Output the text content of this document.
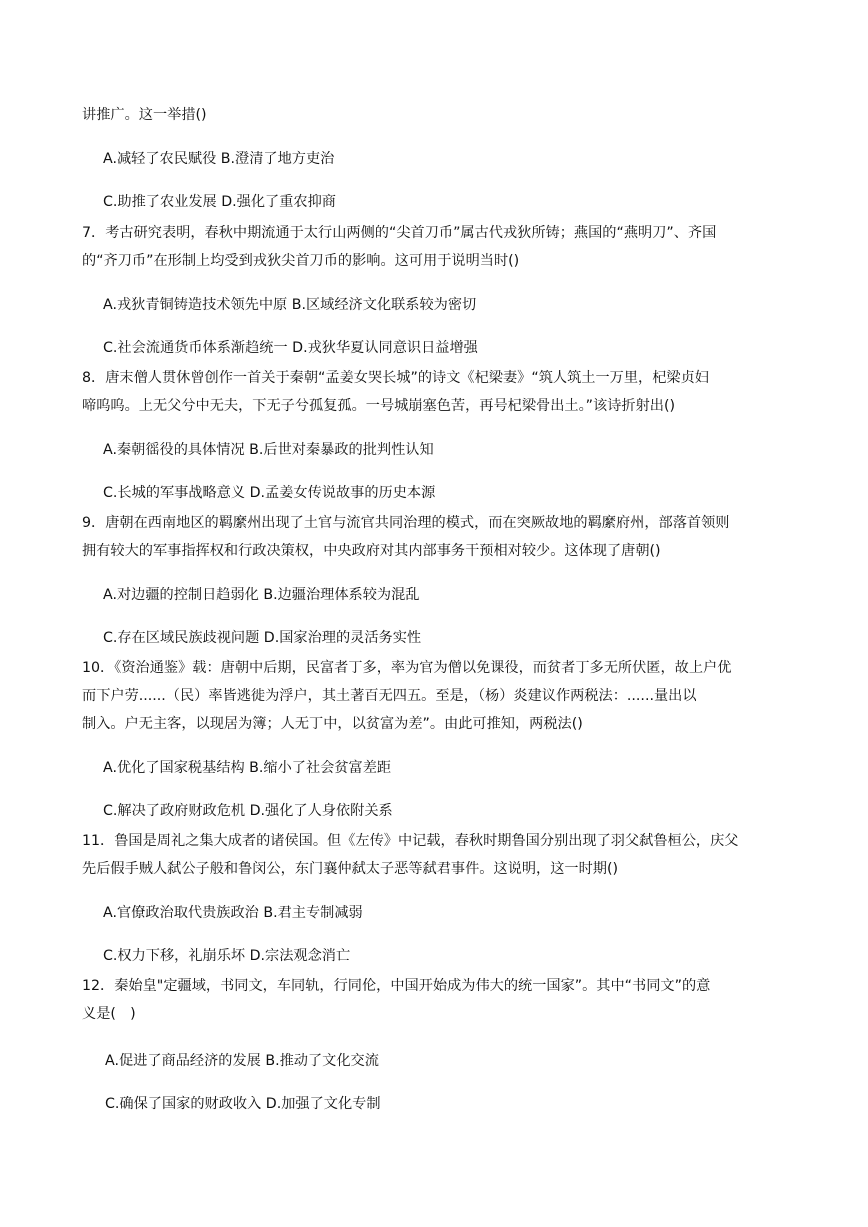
讲推广。这一举措()
A.减轻了农民赋役 B.澄清了地方吏治
C.助推了农业发展 D.强化了重农抑商
7．考古研究表明，春秋中期流通于太行山两侧的“尖首刀币”属古代戎狄所铸；燕国的“燕明刀”、齐国
的“齐刀币”在形制上均受到戎狄尖首刀币的影响。这可用于说明当时()
A.戎狄青铜铸造技术领先中原 B.区域经济文化联系较为密切
C.社会流通货币体系渐趋统一 D.戎狄华夏认同意识日益增强
8．唐末僧人贯休曾创作一首关于秦朝“孟姜女哭长城”的诗文《杞梁妻》“筑人筑土一万里，杞梁贞妇
啼呜呜。上无父兮中无夫，下无子兮孤复孤。一号城崩塞色苦，再号杞梁骨出土。”该诗折射出()
A.秦朝徭役的具体情况 B.后世对秦暴政的批判性认知
C.长城的军事战略意义 D.孟姜女传说故事的历史本源
9．唐朝在西南地区的羁縻州出现了土官与流官共同治理的模式，而在突厥故地的羁縻府州，部落首领则
拥有较大的军事指挥权和行政决策权，中央政府对其内部事务干预相对较少。这体现了唐朝()
A.对边疆的控制日趋弱化 B.边疆治理体系较为混乱
C.存在区域民族歧视问题 D.国家治理的灵活务实性
10．《资治通鉴》载：唐朝中后期，民富者丁多，率为官为僧以免课役，而贫者丁多无所伏匿，故上户优
而下户劳......（民）率皆逃徙为浮户，其土著百无四五。至是，（杨）炎建议作两税法：......量出以
制入。户无主客，以现居为簿；人无丁中，以贫富为差”。由此可推知，两税法()
A.优化了国家税基结构 B.缩小了社会贫富差距
C.解决了政府财政危机 D.强化了人身依附关系
11．鲁国是周礼之集大成者的诸侯国。但《左传》中记载，春秋时期鲁国分别出现了羽父弑鲁桓公，庆父
先后假手贼人弑公子般和鲁闵公，东门襄仲弑太子恶等弑君事件。这说明，这一时期()
A.官僚政治取代贵族政治 B.君主专制减弱
C.权力下移，礼崩乐坏 D.宗法观念消亡
12．秦始皇"定疆域，书同文，车同轨，行同伦，中国开始成为伟大的统一国家”。其中“书同文”的意
义是(　)
A.促进了商品经济的发展 B.推动了文化交流
C.确保了国家的财政收入 D.加强了文化专制
